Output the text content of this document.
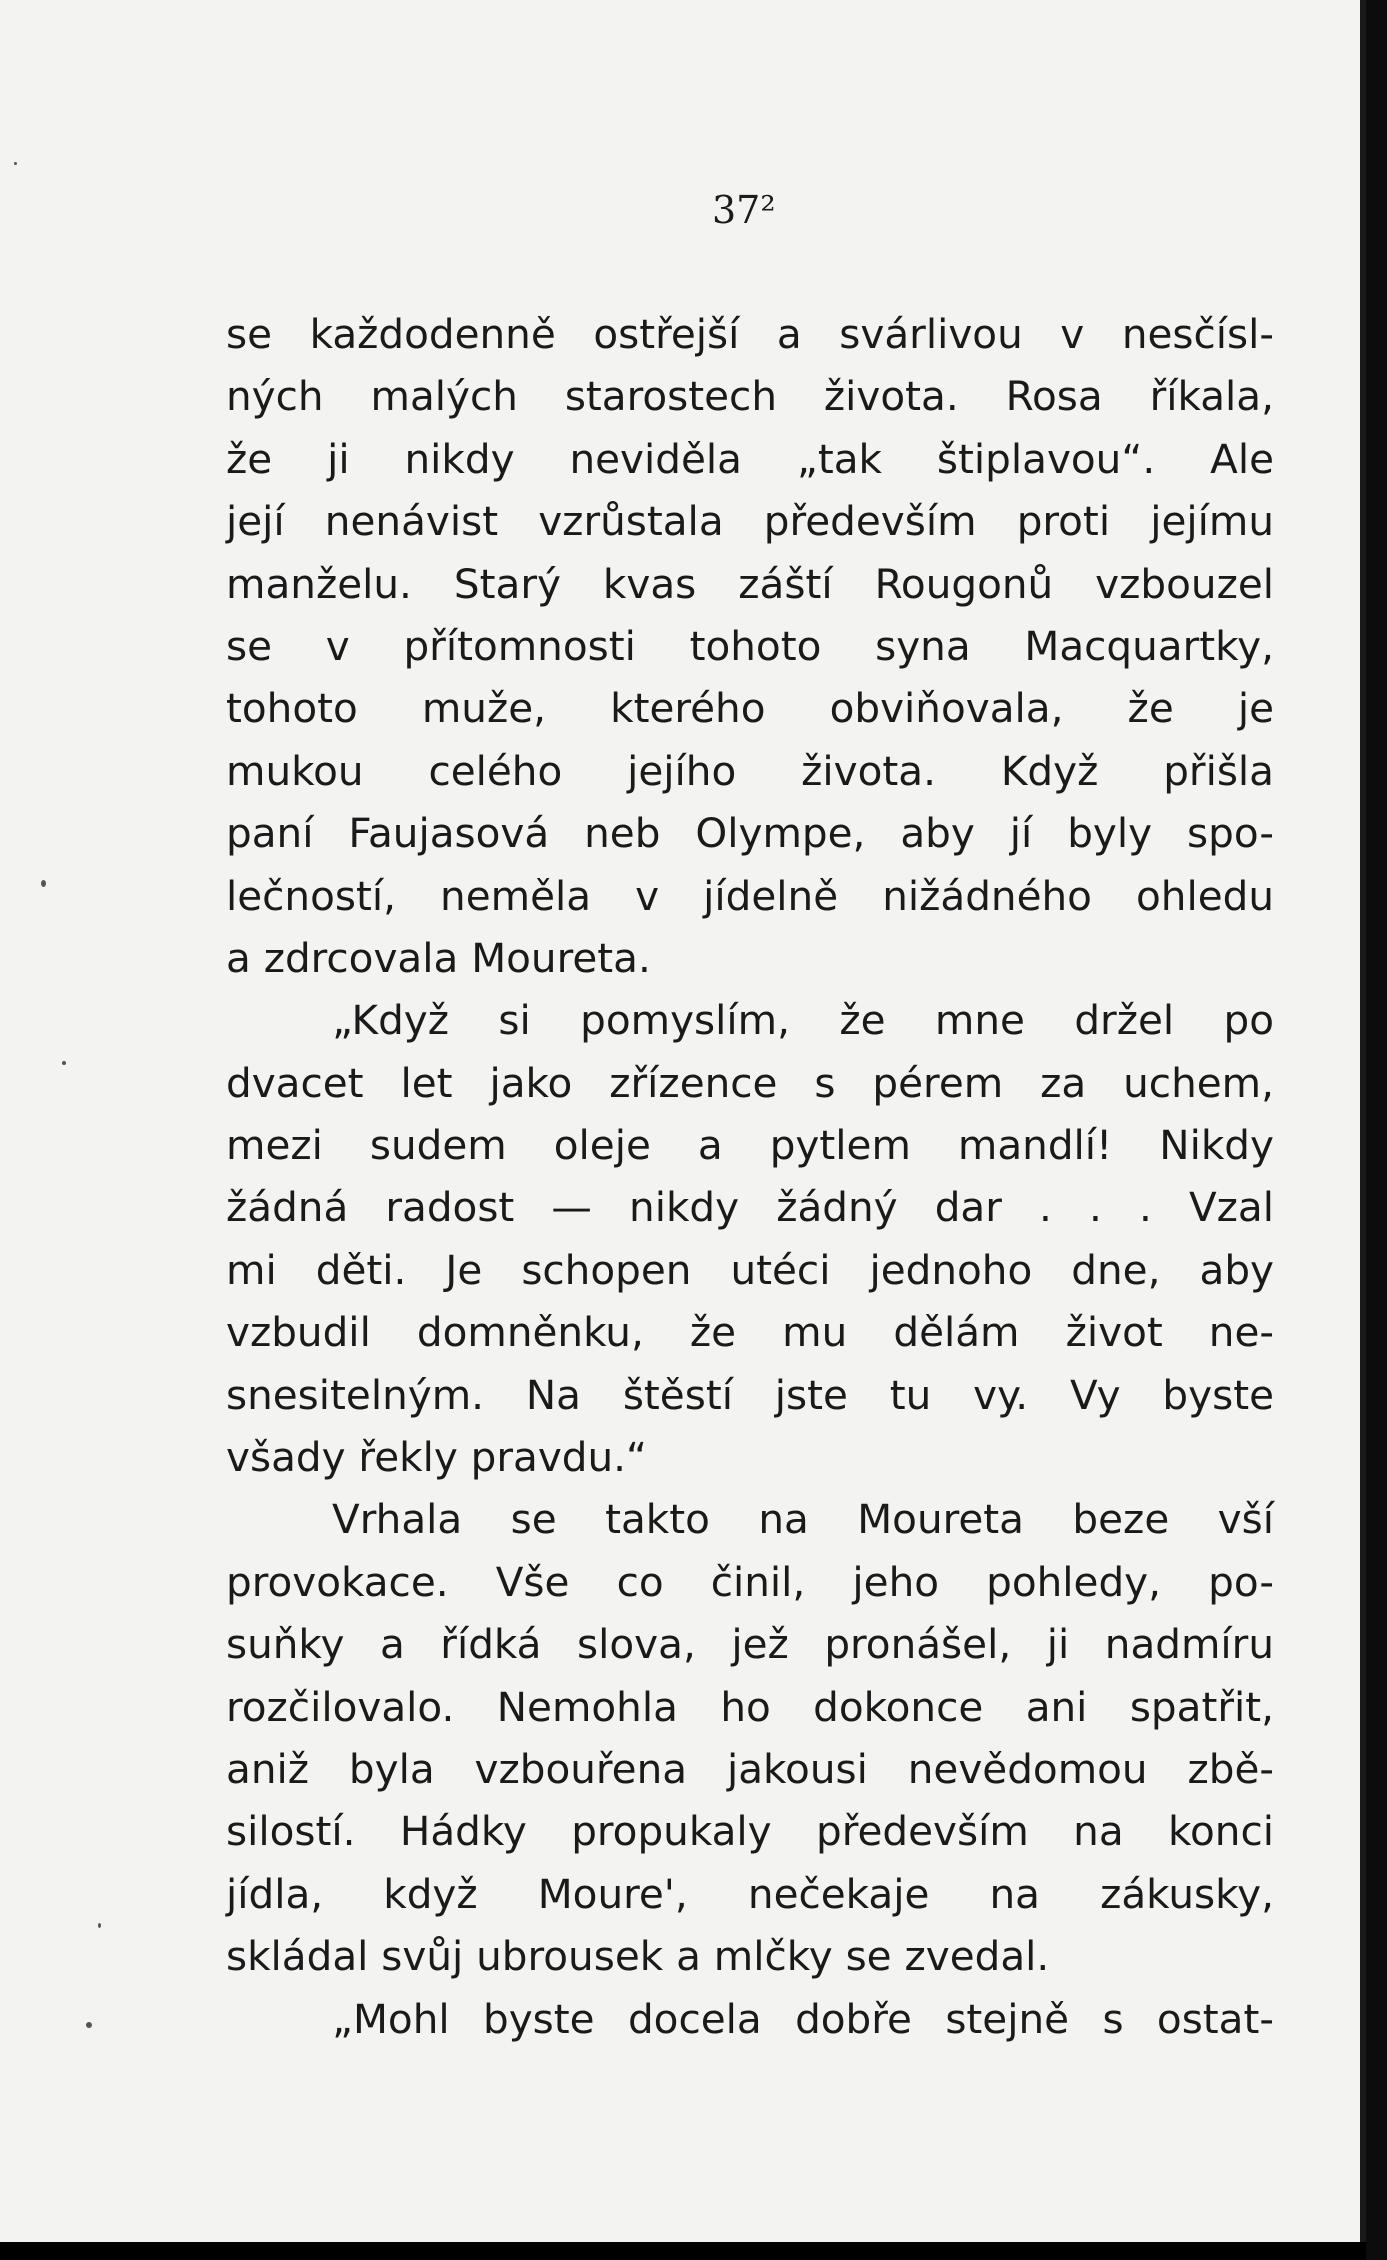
37²
se každodenně ostřejší a svárlivou v nesčísl-
ných malých starostech života. Rosa říkala,
že ji nikdy neviděla „tak štiplavou“. Ale
její nenávist vzrůstala především proti jejímu
manželu. Starý kvas záští Rougonů vzbouzel
se v přítomnosti tohoto syna Macquartky,
tohoto muže, kterého obviňovala, že je
mukou celého jejího života. Když přišla
paní Faujasová neb Olympe, aby jí byly spo-
lečností, neměla v jídelně nižádného ohledu
a zdrcovala Moureta.
„Když si pomyslím, že mne držel po
dvacet let jako zřízence s pérem za uchem,
mezi sudem oleje a pytlem mandlí! Nikdy
žádná radost — nikdy žádný dar . . . Vzal
mi děti. Je schopen utéci jednoho dne, aby
vzbudil domněnku, že mu dělám život ne-
snesitelným. Na štěstí jste tu vy. Vy byste
všady řekly pravdu.“
Vrhala se takto na Moureta beze vší
provokace. Vše co činil, jeho pohledy, po-
suňky a řídká slova, jež pronášel, ji nadmíru
rozčilovalo. Nemohla ho dokonce ani spatřit,
aniž byla vzbouřena jakousi nevědomou zbě-
silostí. Hádky propukaly především na konci
jídla, když Moure', nečekaje na zákusky,
skládal svůj ubrousek a mlčky se zvedal.
„Mohl byste docela dobře stejně s ostat-
